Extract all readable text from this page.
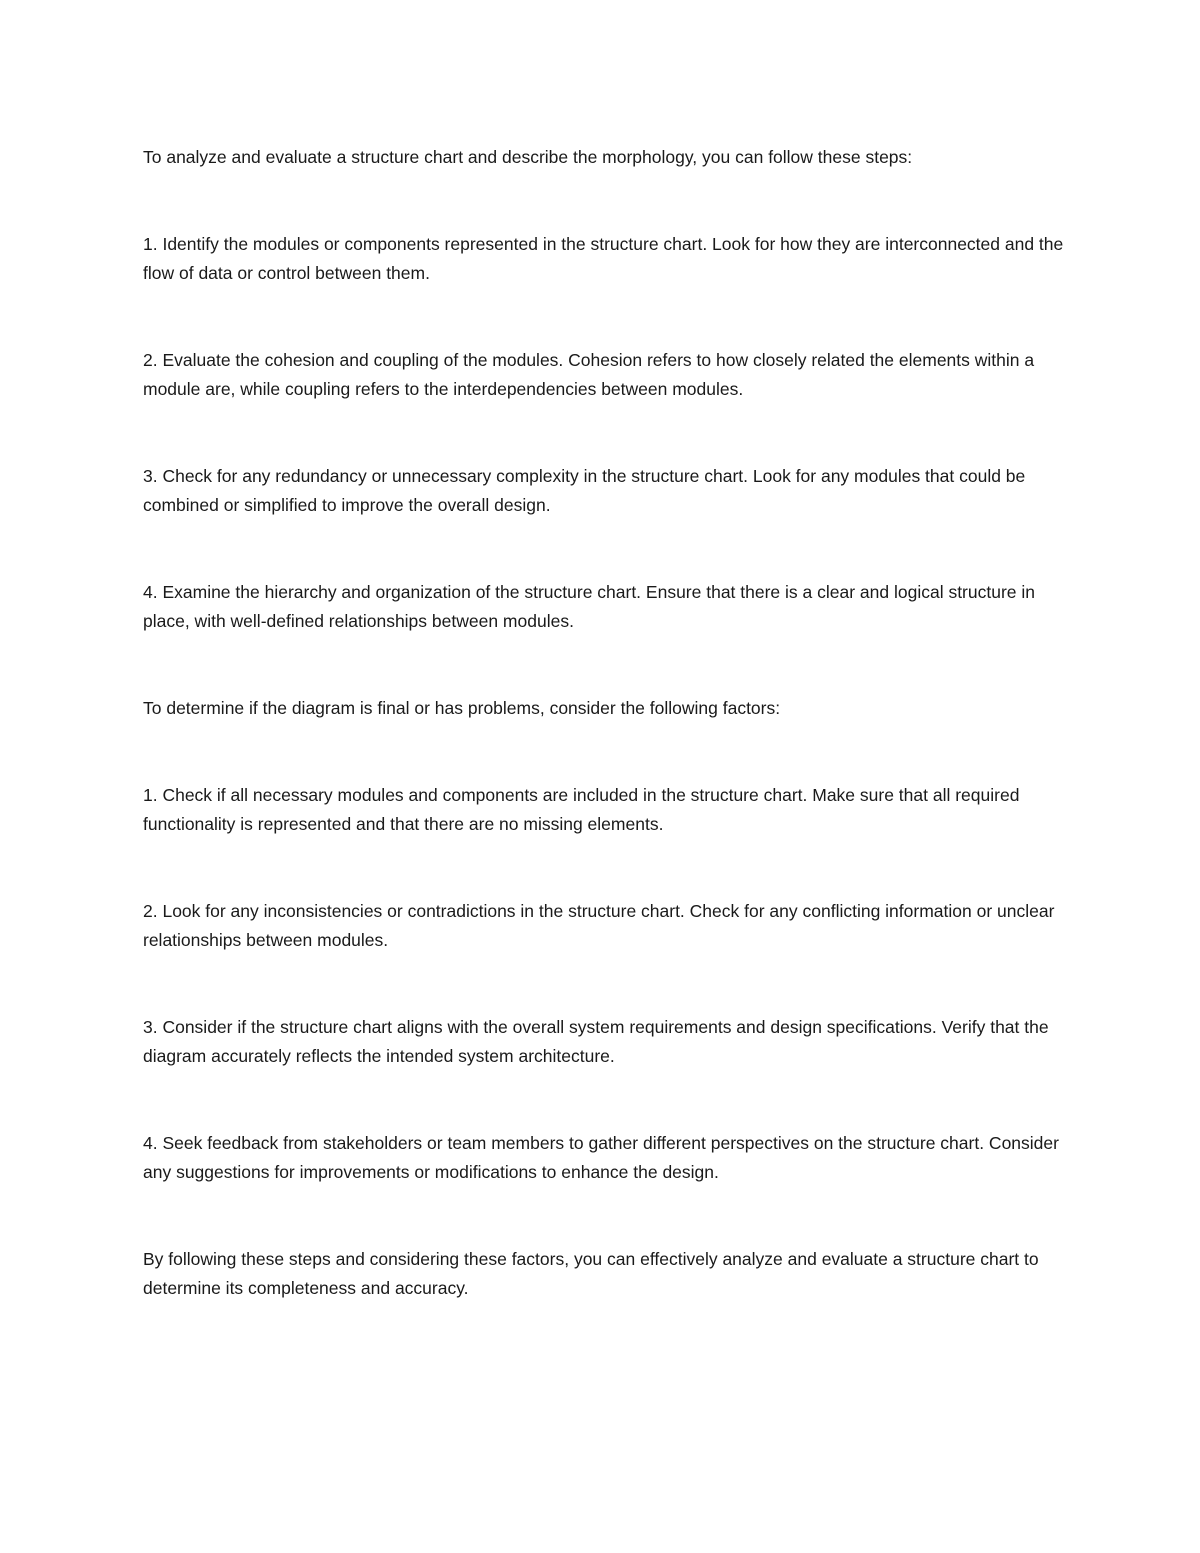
To analyze and evaluate a structure chart and describe the morphology, you can follow these steps:

1. Identify the modules or components represented in the structure chart. Look for how they are interconnected and the flow of data or control between them.

2. Evaluate the cohesion and coupling of the modules. Cohesion refers to how closely related the elements within a module are, while coupling refers to the interdependencies between modules.

3. Check for any redundancy or unnecessary complexity in the structure chart. Look for any modules that could be combined or simplified to improve the overall design.

4. Examine the hierarchy and organization of the structure chart. Ensure that there is a clear and logical structure in place, with well-defined relationships between modules.

To determine if the diagram is final or has problems, consider the following factors:

1. Check if all necessary modules and components are included in the structure chart. Make sure that all required functionality is represented and that there are no missing elements.

2. Look for any inconsistencies or contradictions in the structure chart. Check for any conflicting information or unclear relationships between modules.

3. Consider if the structure chart aligns with the overall system requirements and design specifications. Verify that the diagram accurately reflects the intended system architecture.

4. Seek feedback from stakeholders or team members to gather different perspectives on the structure chart. Consider any suggestions for improvements or modifications to enhance the design.

By following these steps and considering these factors, you can effectively analyze and evaluate a structure chart to determine its completeness and accuracy.
